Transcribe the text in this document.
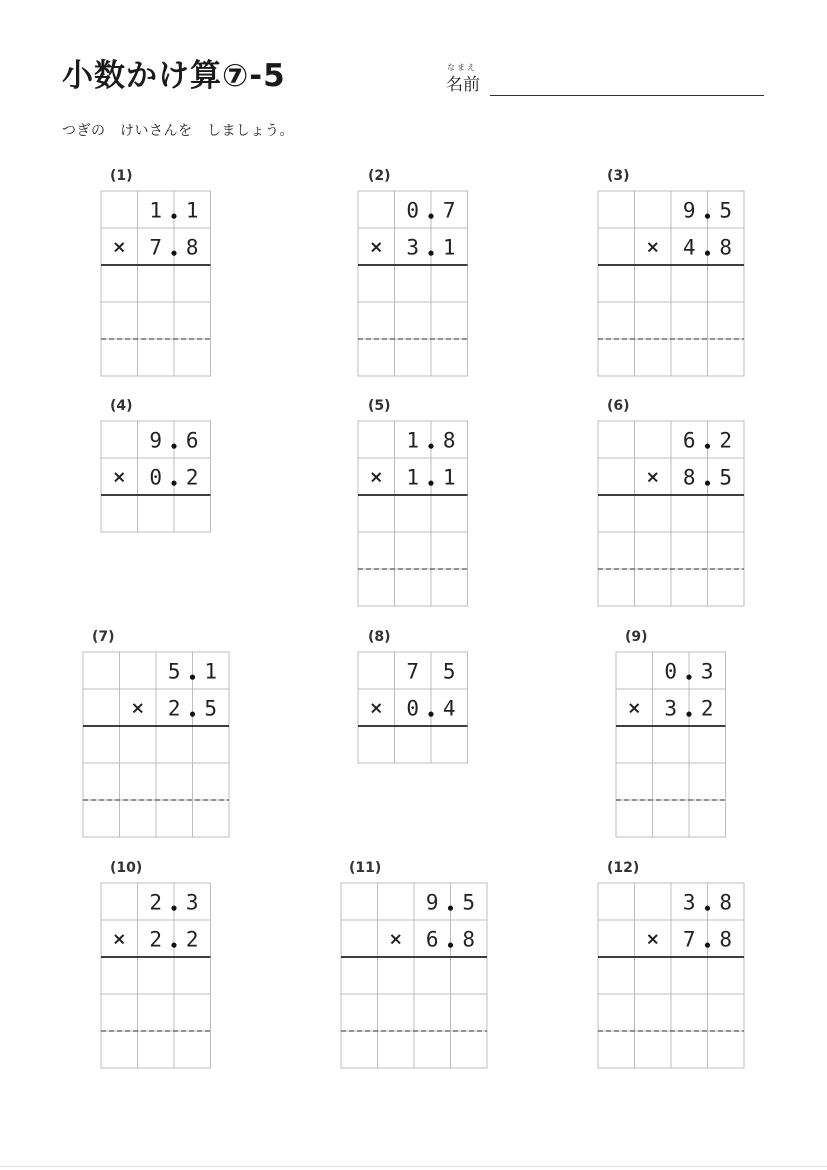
小数かけ算⑦-5	なまえ
名前
つぎの　けいさんを　しましょう。
(1)
1 1
× 7 8
(2)
0 7
× 3 1
(3)
9 5
× 4 8
(4)
9 6
× 0 2
(5)
1 8
× 1 1
(6)
6 2
× 8 5
(7)
5 1
× 2 5
(8)
7 5
× 0 4
(9)
0 3
× 3 2
(10)
2 3
× 2 2
(11)
9 5
× 6 8
(12)
3 8
× 7 8
